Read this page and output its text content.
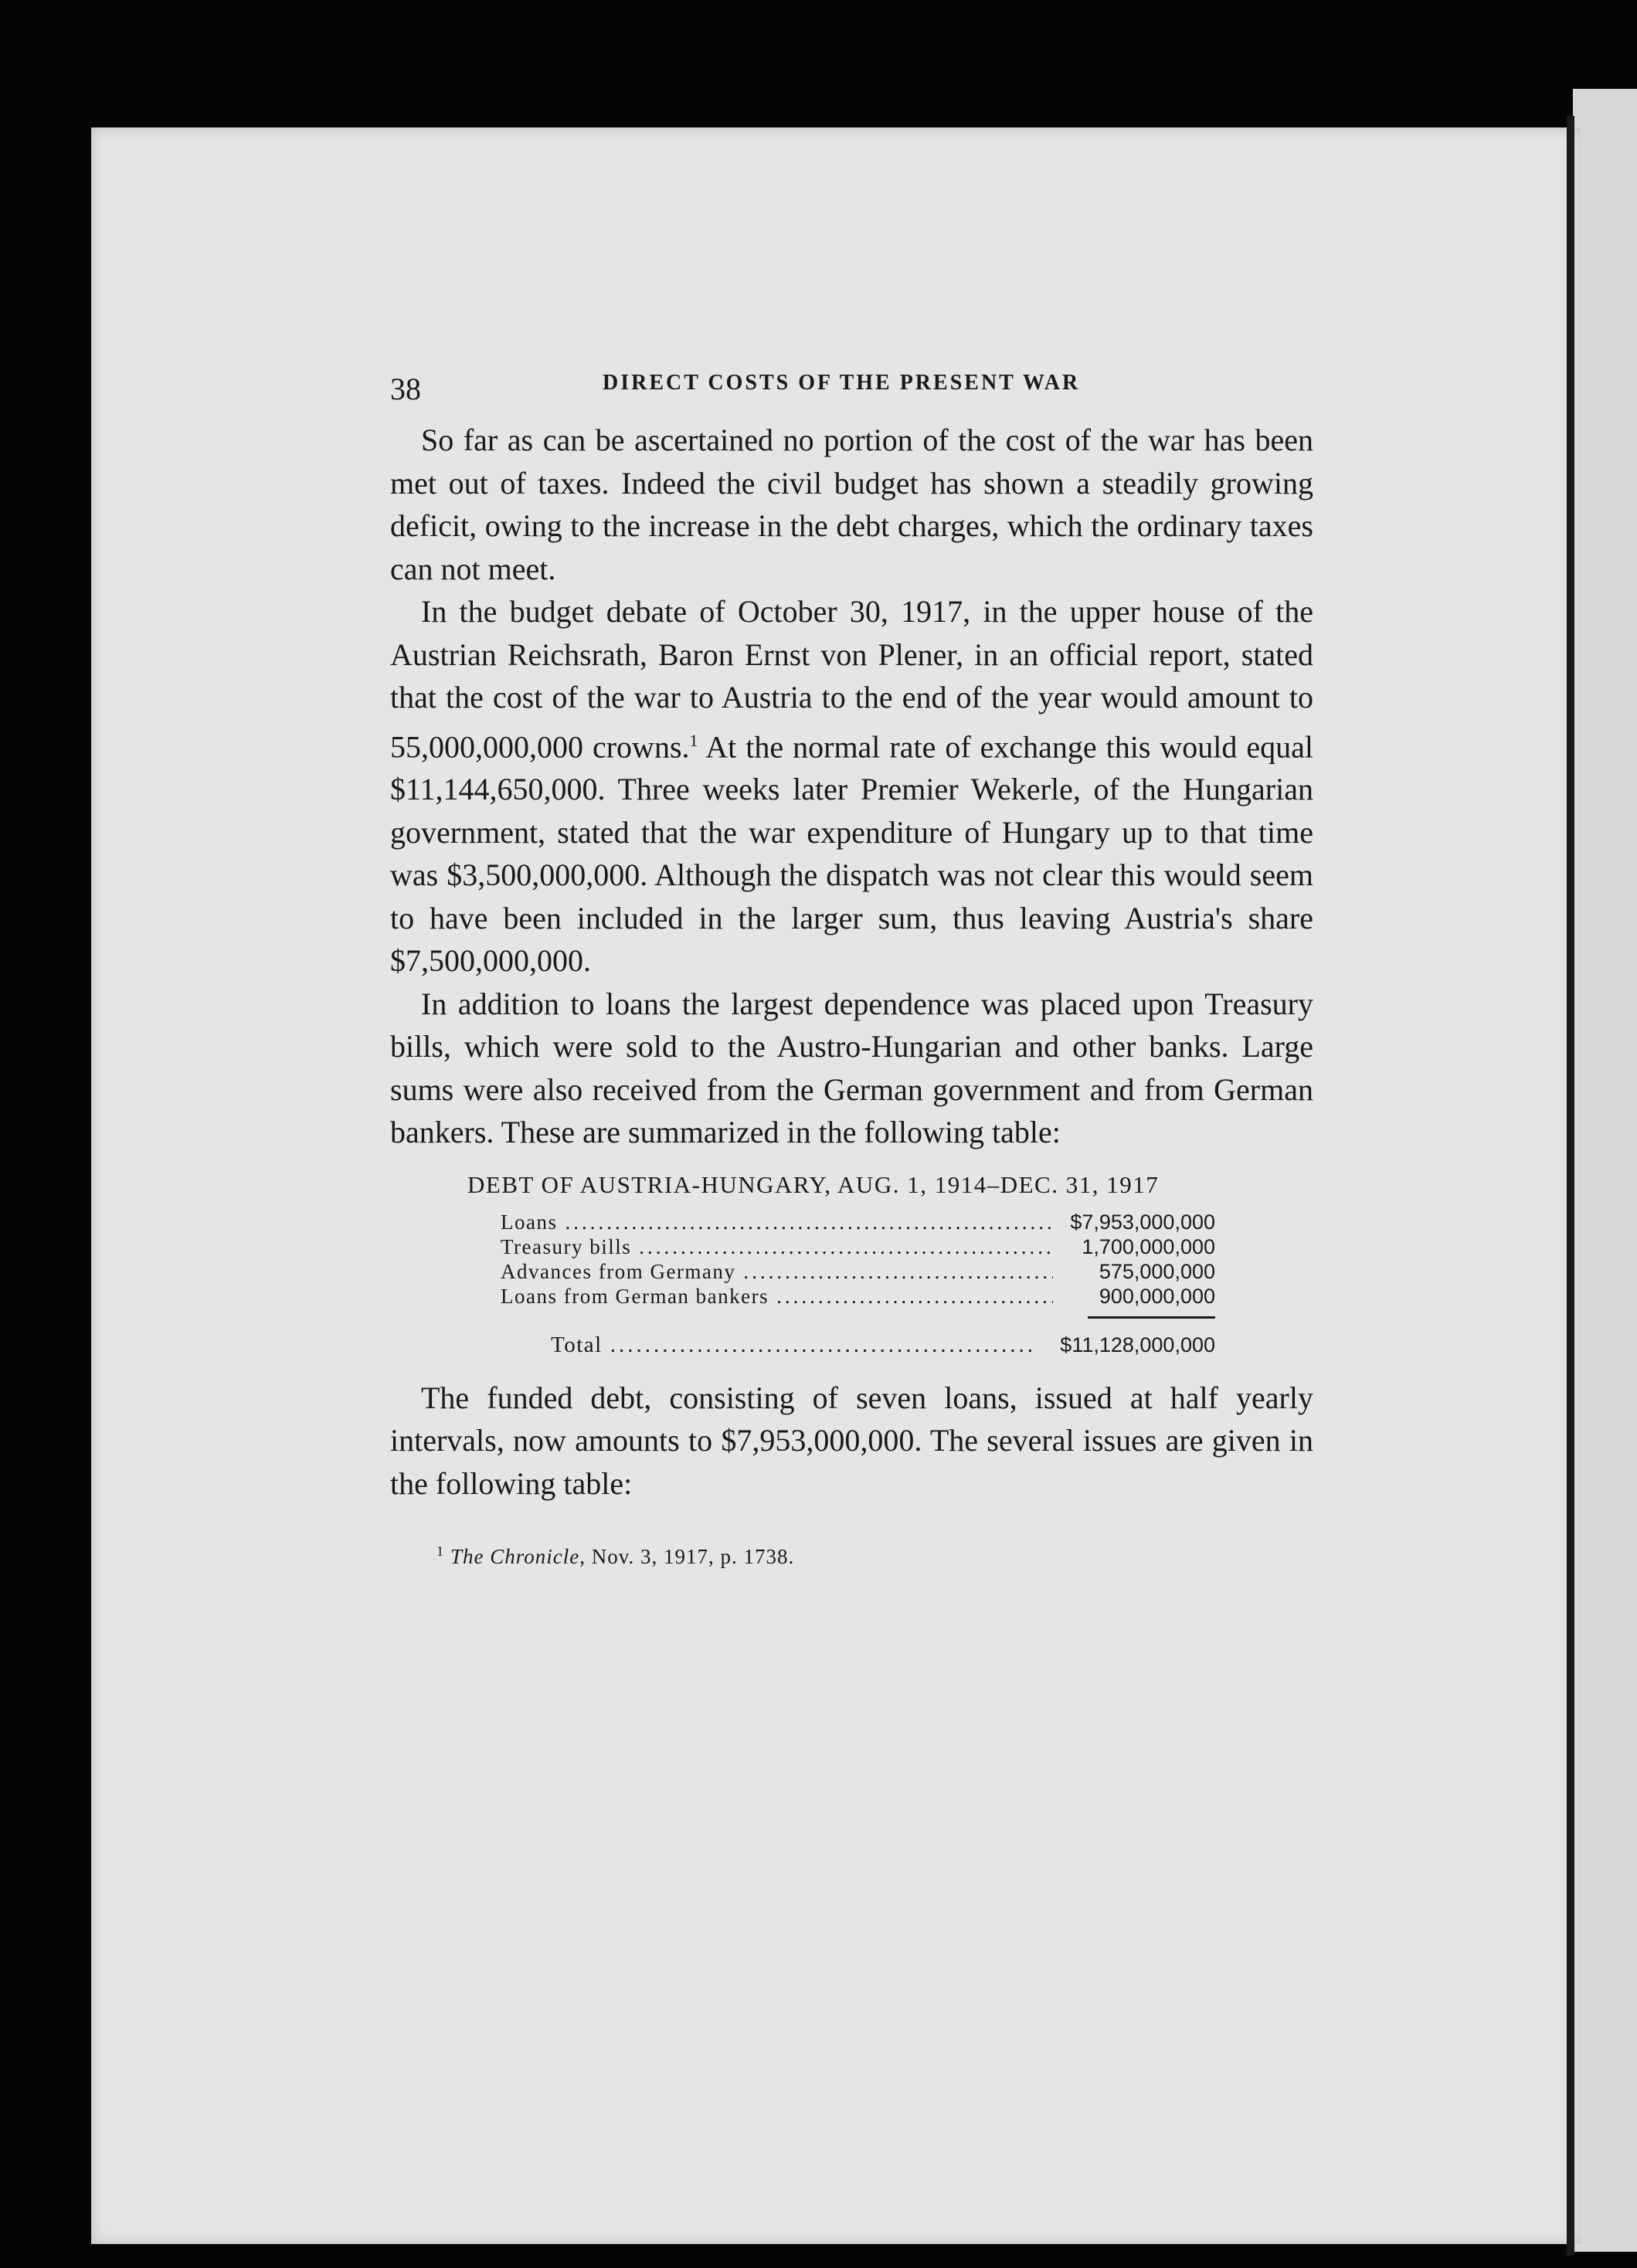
38	DIRECT COSTS OF THE PRESENT WAR

So far as can be ascertained no portion of the cost of the war has been met out of taxes. Indeed the civil budget has shown a steadily growing deficit, owing to the increase in the debt charges, which the ordinary taxes can not meet.

In the budget debate of October 30, 1917, in the upper house of the Austrian Reichsrath, Baron Ernst von Plener, in an official report, stated that the cost of the war to Austria to the end of the year would amount to 55,000,000,000 crowns.$^1$ At the normal rate of exchange this would equal $11,144,650,000. Three weeks later Premier Wekerle, of the Hungarian government, stated that the war expenditure of Hungary up to that time was $3,500,000,000. Although the dispatch was not clear this would seem to have been included in the larger sum, thus leaving Austria's share $7,500,000,000.

In addition to loans the largest dependence was placed upon Treasury bills, which were sold to the Austro-Hungarian and other banks. Large sums were also received from the German government and from German bankers. These are summarized in the following table:

DEBT OF AUSTRIA-HUNGARY, AUG. 1, 1914–DEC. 31, 1917
Loans .....	$7,953,000,000
Treasury bills .....	1,700,000,000
Advances from Germany .....	575,000,000
Loans from German bankers .....	900,000,000
Total .....	$11,128,000,000

The funded debt, consisting of seven loans, issued at half yearly intervals, now amounts to $7,953,000,000. The several issues are given in the following table:

$^1$ The Chronicle, Nov. 3, 1917, p. 1738.
